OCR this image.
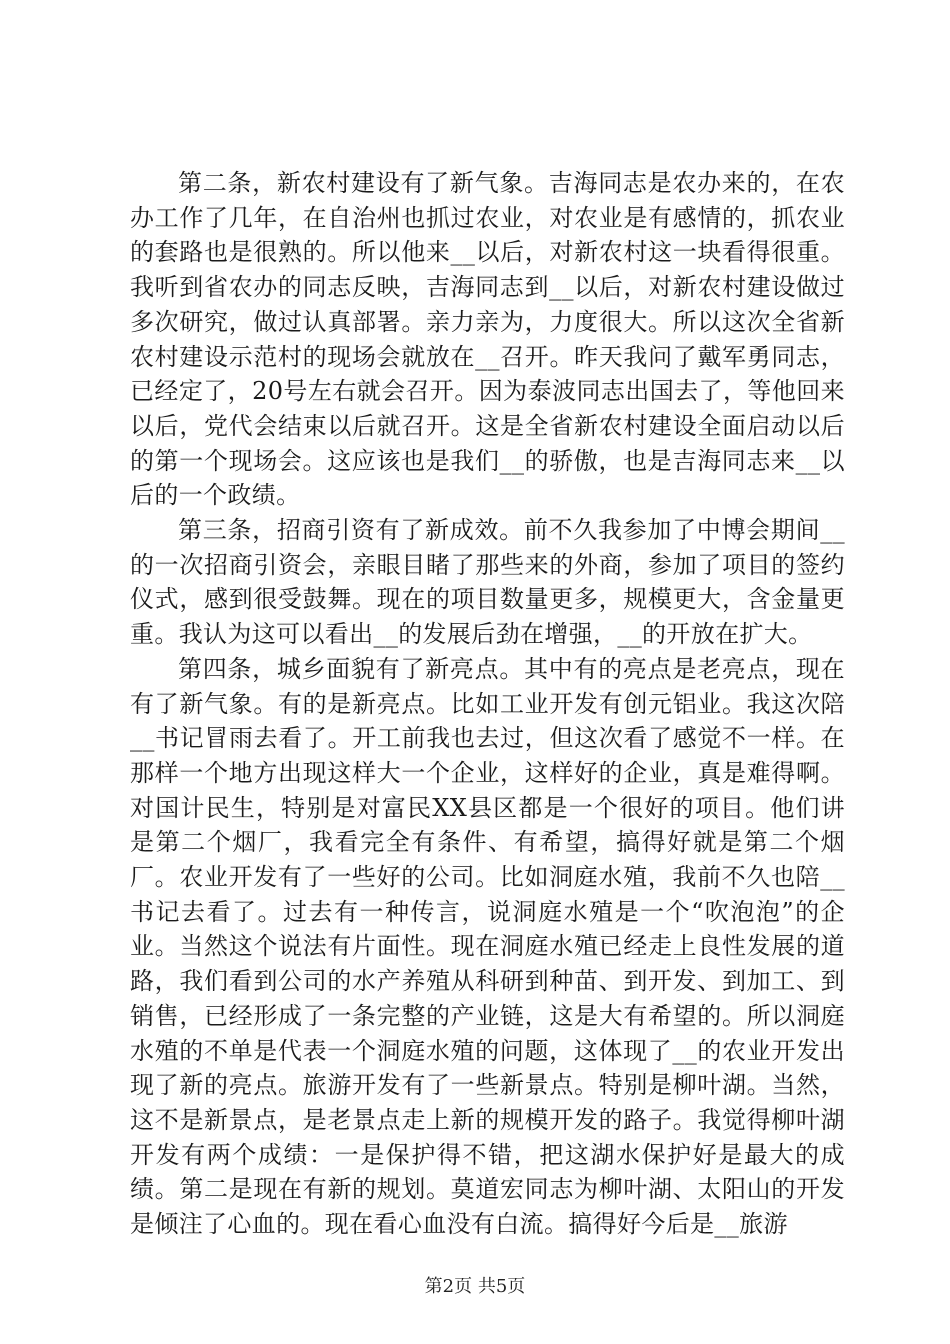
第二条，新农村建设有了新气象。吉海同志是农办来的，在农办工作了几年，在自治州也抓过农业，对农业是有感情的，抓农业的套路也是很熟的。所以他来__以后，对新农村这一块看得很重。我听到省农办的同志反映，吉海同志到__以后，对新农村建设做过多次研究，做过认真部署。亲力亲为，力度很大。所以这次全省新农村建设示范村的现场会就放在__召开。昨天我问了戴军勇同志，已经定了，20号左右就会召开。因为泰波同志出国去了，等他回来以后，党代会结束以后就召开。这是全省新农村建设全面启动以后的第一个现场会。这应该也是我们__的骄傲，也是吉海同志来__以后的一个政绩。

第三条，招商引资有了新成效。前不久我参加了中博会期间__的一次招商引资会，亲眼目睹了那些来的外商，参加了项目的签约仪式，感到很受鼓舞。现在的项目数量更多，规模更大，含金量更重。我认为这可以看出__的发展后劲在增强，__的开放在扩大。

第四条，城乡面貌有了新亮点。其中有的亮点是老亮点，现在有了新气象。有的是新亮点。比如工业开发有创元铝业。我这次陪__书记冒雨去看了。开工前我也去过，但这次看了感觉不一样。在那样一个地方出现这样大一个企业，这样好的企业，真是难得啊。对国计民生，特别是对富民XX县区都是一个很好的项目。他们讲是第二个烟厂，我看完全有条件、有希望，搞得好就是第二个烟厂。农业开发有了一些好的公司。比如洞庭水殖，我前不久也陪__书记去看了。过去有一种传言，说洞庭水殖是一个“吹泡泡”的企业。当然这个说法有片面性。现在洞庭水殖已经走上良性发展的道路，我们看到公司的水产养殖从科研到种苗、到开发、到加工、到销售，已经形成了一条完整的产业链，这是大有希望的。所以洞庭水殖的不单是代表一个洞庭水殖的问题，这体现了__的农业开发出现了新的亮点。旅游开发有了一些新景点。特别是柳叶湖。当然，这不是新景点，是老景点走上新的规模开发的路子。我觉得柳叶湖开发有两个成绩：一是保护得不错，把这湖水保护好是最大的成绩。第二是现在有新的规划。莫道宏同志为柳叶湖、太阳山的开发是倾注了心血的。现在看心血没有白流。搞得好今后是__旅游

第2页 共5页
